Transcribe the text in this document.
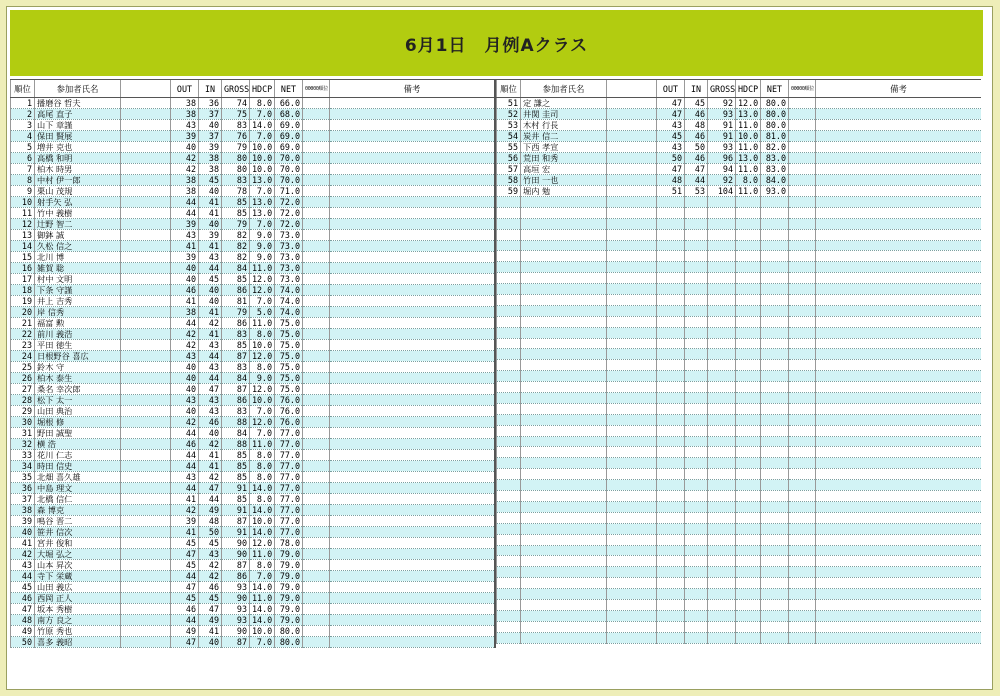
6月1日　月例Aクラス
順位	参加者氏名		OUT	IN	GROSS	HDCP	NET	00000順位	備考
1	播磨谷 哲夫		38	36	74	8.0	66.0		
2	高尾 直子		38	37	75	7.0	68.0		
3	山下 章謹		43	40	83	14.0	69.0		
4	保田 賢展		39	37	76	7.0	69.0		
5	増井 克也		40	39	79	10.0	69.0		
6	高橋 和明		42	38	80	10.0	70.0		
7	柏木 時男		42	38	80	10.0	70.0		
8	中村 伊一郎		38	45	83	13.0	70.0		
9	栗山 茂規		38	40	78	7.0	71.0		
10	射手矢 弘		44	41	85	13.0	72.0		
11	竹中 義樹		44	41	85	13.0	72.0		
12	辻野 智二		39	40	79	7.0	72.0		
13	御鉢 誠		43	39	82	9.0	73.0		
14	久松 信之		41	41	82	9.0	73.0		
15	北川 博		39	43	82	9.0	73.0		
16	雑賀 聡		40	44	84	11.0	73.0		
17	村中 文明		40	45	85	12.0	73.0		
18	下条 守謹		46	40	86	12.0	74.0		
19	井上 吉秀		41	40	81	7.0	74.0		
20	岸 信秀		38	41	79	5.0	74.0		
21	福富 勲		44	42	86	11.0	75.0		
22	前川 義浩		42	41	83	8.0	75.0		
23	平田 徳生		42	43	85	10.0	75.0		
24	日根野谷 喜広		43	44	87	12.0	75.0		
25	鈴木 守		40	43	83	8.0	75.0		
26	柏木 泰生		40	44	84	9.0	75.0		
27	桑名 幸次郎		40	47	87	12.0	75.0		
28	松下 太一		43	43	86	10.0	76.0		
29	山田 典治		40	43	83	7.0	76.0		
30	堀根 修		42	46	88	12.0	76.0		
31	野田 誠聖		44	40	84	7.0	77.0		
32	横 浩		46	42	88	11.0	77.0		
33	花川 仁志		44	41	85	8.0	77.0		
34	時田 信史		44	41	85	8.0	77.0		
35	北畑 喜久雄		43	42	85	8.0	77.0		
36	中島 理文		44	47	91	14.0	77.0		
37	北橋 信仁		41	44	85	8.0	77.0		
38	森 博克		42	49	91	14.0	77.0		
39	鳴谷 晋二		39	48	87	10.0	77.0		
40	笹井 信次		41	50	91	14.0	77.0		
41	宮井 俊和		45	45	90	12.0	78.0		
42	大堀 弘之		47	43	90	11.0	79.0		
43	山本 昇次		45	42	87	8.0	79.0		
44	寺下 栄蔵		44	42	86	7.0	79.0		
45	山田 義広		47	46	93	14.0	79.0		
46	西岡 正人		45	45	90	11.0	79.0		
47	坂本 秀樹		46	47	93	14.0	79.0		
48	南方 良之		44	49	93	14.0	79.0		
49	竹原 秀也		49	41	90	10.0	80.0		
50	喜多 義昭		47	40	87	7.0	80.0		
順位	参加者氏名		OUT	IN	GROSS	HDCP	NET	00000順位	備考
51	定 謙之		47	45	92	12.0	80.0		
52	井関 圭司		47	46	93	13.0	80.0		
53	木村 行長		43	48	91	11.0	80.0		
54	炭井 信二		45	46	91	10.0	81.0		
55	下西 孝宣		43	50	93	11.0	82.0		
56	荒田 和秀		50	46	96	13.0	83.0		
57	高垣 宏		47	47	94	11.0	83.0		
58	竹田 一也		48	44	92	8.0	84.0		
59	堀内 勉		51	53	104	11.0	93.0		
